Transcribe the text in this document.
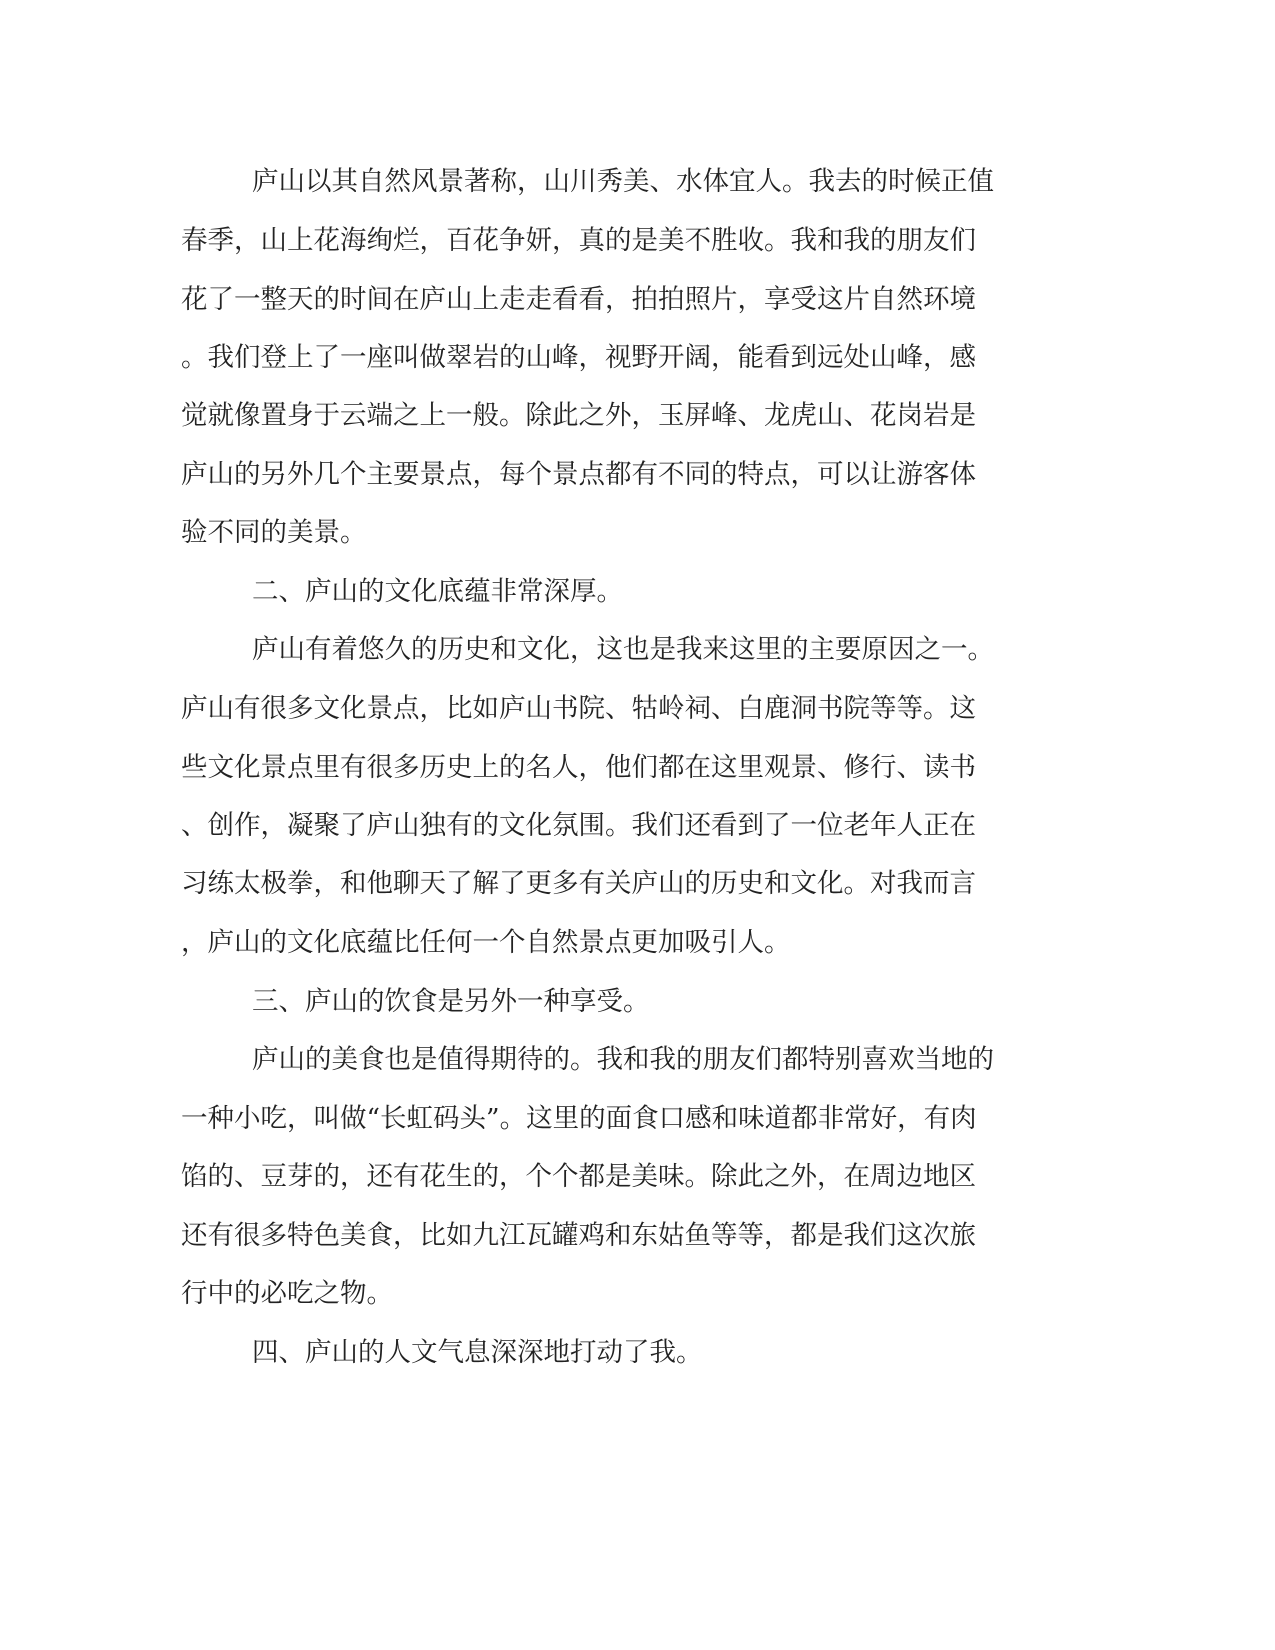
庐山以其自然风景著称，山川秀美、水体宜人。我去的时候正值
春季，山上花海绚烂，百花争妍，真的是美不胜收。我和我的朋友们
花了一整天的时间在庐山上走走看看，拍拍照片，享受这片自然环境
。我们登上了一座叫做翠岩的山峰，视野开阔，能看到远处山峰，感
觉就像置身于云端之上一般。除此之外，玉屏峰、龙虎山、花岗岩是
庐山的另外几个主要景点，每个景点都有不同的特点，可以让游客体
验不同的美景。
二、庐山的文化底蕴非常深厚。
庐山有着悠久的历史和文化，这也是我来这里的主要原因之一。
庐山有很多文化景点，比如庐山书院、牯岭祠、白鹿洞书院等等。这
些文化景点里有很多历史上的名人，他们都在这里观景、修行、读书
、创作，凝聚了庐山独有的文化氛围。我们还看到了一位老年人正在
习练太极拳，和他聊天了解了更多有关庐山的历史和文化。对我而言
，庐山的文化底蕴比任何一个自然景点更加吸引人。
三、庐山的饮食是另外一种享受。
庐山的美食也是值得期待的。我和我的朋友们都特别喜欢当地的
一种小吃，叫做“长虹码头”。这里的面食口感和味道都非常好，有肉
馅的、豆芽的，还有花生的，个个都是美味。除此之外，在周边地区
还有很多特色美食，比如九江瓦罐鸡和东姑鱼等等，都是我们这次旅
行中的必吃之物。
四、庐山的人文气息深深地打动了我。
